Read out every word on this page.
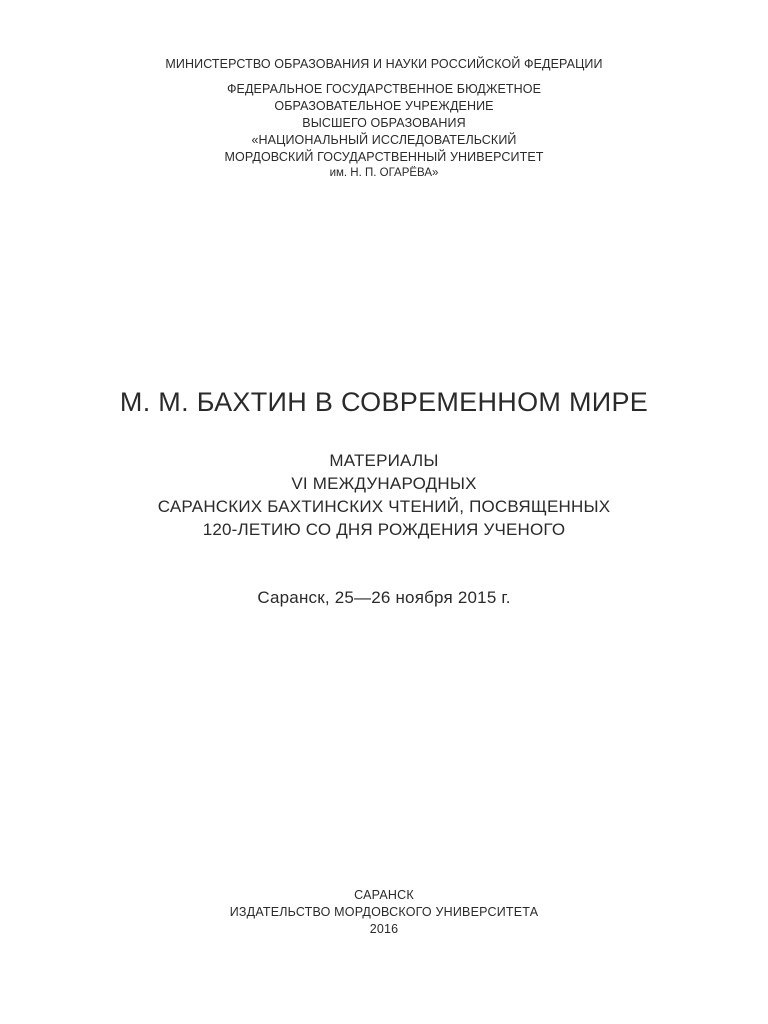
МИНИСТЕРСТВО ОБРАЗОВАНИЯ И НАУКИ РОССИЙСКОЙ ФЕДЕРАЦИИ
ФЕДЕРАЛЬНОЕ ГОСУДАРСТВЕННОЕ БЮДЖЕТНОЕ
ОБРАЗОВАТЕЛЬНОЕ УЧРЕЖДЕНИЕ
ВЫСШЕГО ОБРАЗОВАНИЯ
«НАЦИОНАЛЬНЫЙ ИССЛЕДОВАТЕЛЬСКИЙ
МОРДОВСКИЙ ГОСУДАРСТВЕННЫЙ УНИВЕРСИТЕТ
им. Н. П. ОГАРЁВА»
М. М. БАХТИН В СОВРЕМЕННОМ МИРЕ
МАТЕРИАЛЫ
VI МЕЖДУНАРОДНЫХ
САРАНСКИХ БАХТИНСКИХ ЧТЕНИЙ, ПОСВЯЩЕННЫХ
120-ЛЕТИЮ СО ДНЯ РОЖДЕНИЯ УЧЕНОГО
Саранск, 25—26 ноября 2015 г.
САРАНСК
ИЗДАТЕЛЬСТВО МОРДОВСКОГО УНИВЕРСИТЕТА
2016
